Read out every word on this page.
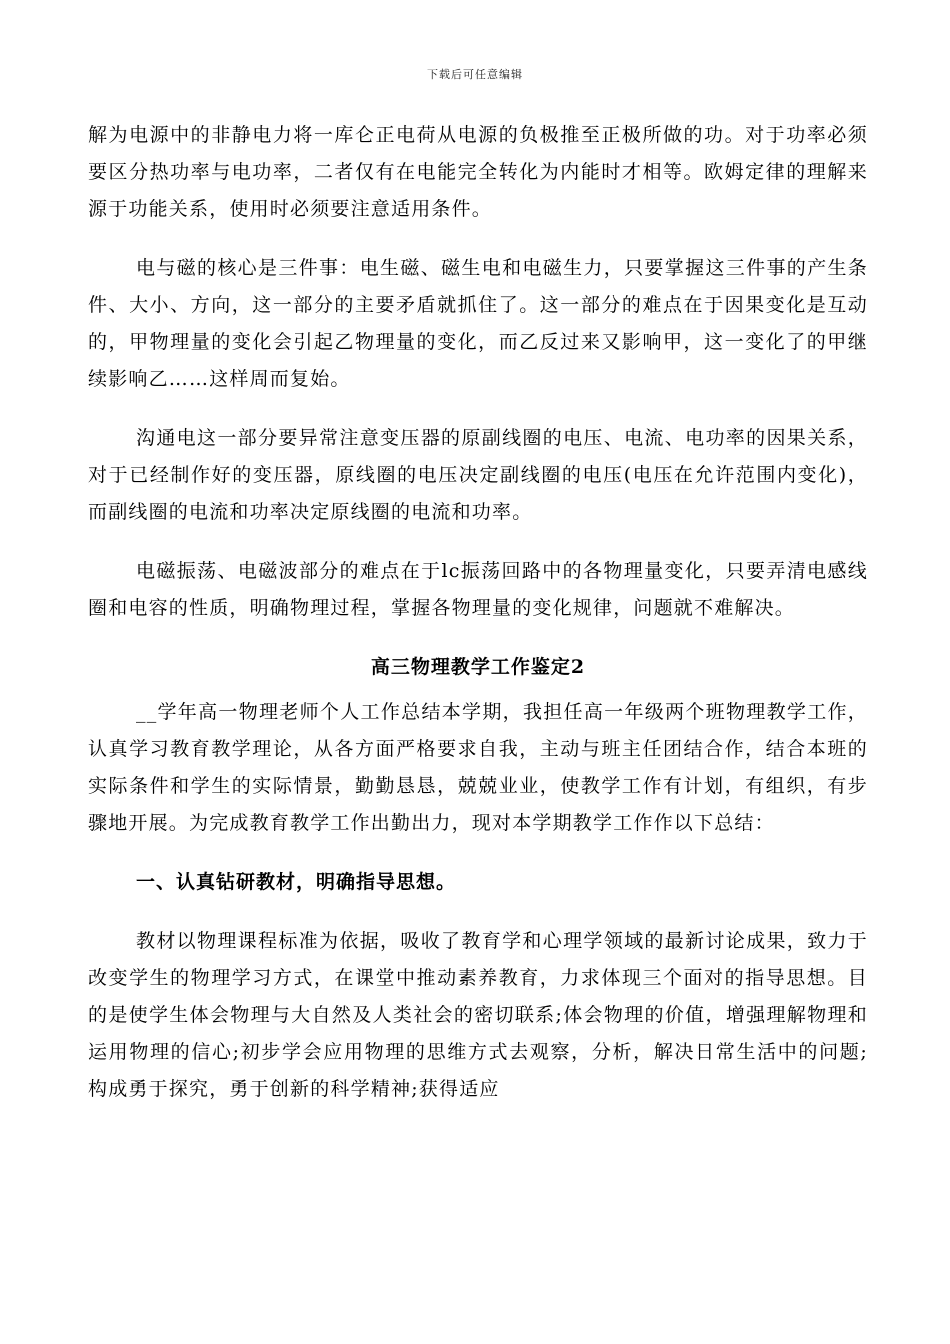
下载后可任意编辑

解为电源中的非静电力将一库仑正电荷从电源的负极推至正极所做的功。对于功率必须要区分热功率与电功率，二者仅有在电能完全转化为内能时才相等。欧姆定律的理解来源于功能关系，使用时必须要注意适用条件。

电与磁的核心是三件事：电生磁、磁生电和电磁生力，只要掌握这三件事的产生条件、大小、方向，这一部分的主要矛盾就抓住了。这一部分的难点在于因果变化是互动的，甲物理量的变化会引起乙物理量的变化，而乙反过来又影响甲，这一变化了的甲继续影响乙……这样周而复始。

沟通电这一部分要异常注意变压器的原副线圈的电压、电流、电功率的因果关系，对于已经制作好的变压器，原线圈的电压决定副线圈的电压(电压在允许范围内变化)，而副线圈的电流和功率决定原线圈的电流和功率。

电磁振荡、电磁波部分的难点在于lc振荡回路中的各物理量变化，只要弄清电感线圈和电容的性质，明确物理过程，掌握各物理量的变化规律，问题就不难解决。

高三物理教学工作鉴定2

__学年高一物理老师个人工作总结本学期，我担任高一年级两个班物理教学工作，认真学习教育教学理论，从各方面严格要求自我，主动与班主任团结合作，结合本班的实际条件和学生的实际情景，勤勤恳恳，兢兢业业，使教学工作有计划，有组织，有步骤地开展。为完成教育教学工作出勤出力，现对本学期教学工作作以下总结：

一、认真钻研教材，明确指导思想。

教材以物理课程标准为依据，吸收了教育学和心理学领域的最新讨论成果，致力于改变学生的物理学习方式，在课堂中推动素养教育，力求体现三个面对的指导思想。目的是使学生体会物理与大自然及人类社会的密切联系;体会物理的价值，增强理解物理和运用物理的信心;初步学会应用物理的思维方式去观察，分析，解决日常生活中的问题;构成勇于探究，勇于创新的科学精神;获得适应
